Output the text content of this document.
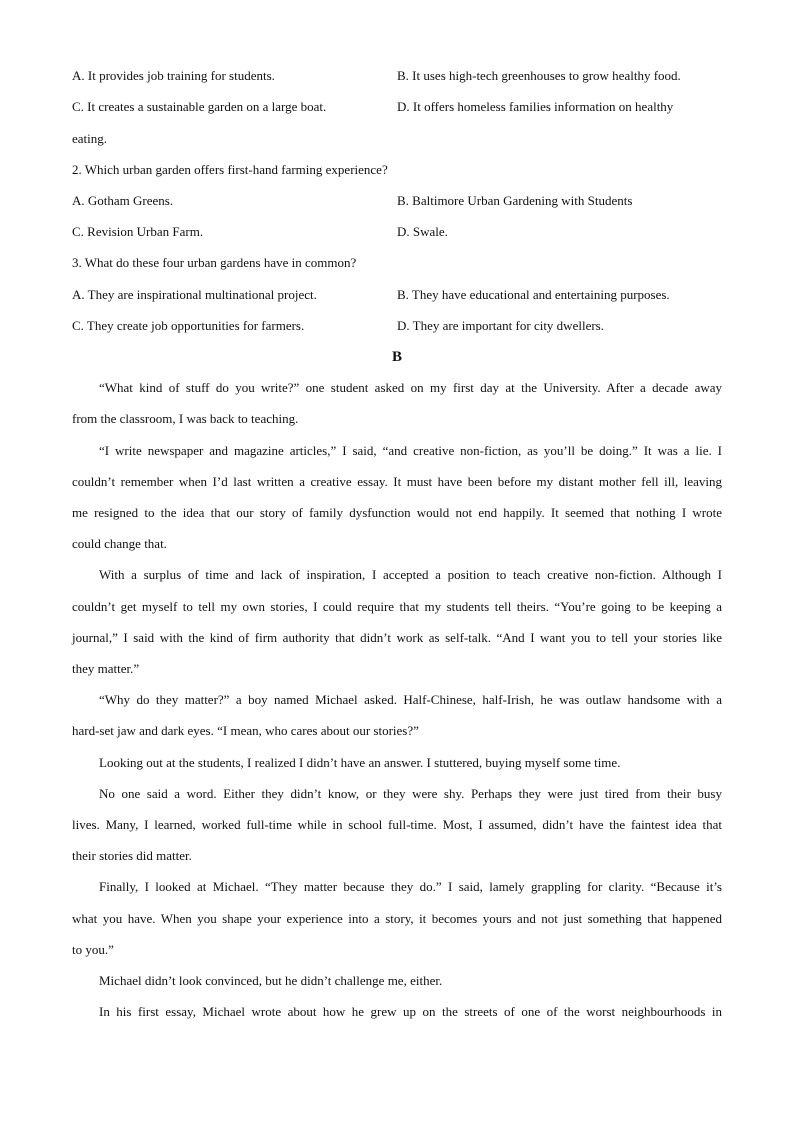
A. It provides job training for students.	B. It uses high-tech greenhouses to grow healthy food.
C. It creates a sustainable garden on a large boat.	D. It offers homeless families information on healthy
eating.
2. Which urban garden offers first-hand farming experience?
A. Gotham Greens.	B. Baltimore Urban Gardening with Students
C. Revision Urban Farm.	D. Swale.
3. What do these four urban gardens have in common?
A. They are inspirational multinational project.	B. They have educational and entertaining purposes.
C. They create job opportunities for farmers.	D. They are important for city dwellers.
B
“What kind of stuff do you write?” one student asked on my first day at the University. After a decade away
from the classroom, I was back to teaching.
“I write newspaper and magazine articles,” I said, “and creative non-fiction, as you’ll be doing.” It was a lie. I
couldn’t remember when I’d last written a creative essay. It must have been before my distant mother fell ill, leaving
me resigned to the idea that our story of family dysfunction would not end happily. It seemed that nothing I wrote
could change that.
With a surplus of time and lack of inspiration, I accepted a position to teach creative non-fiction. Although I
couldn’t get myself to tell my own stories, I could require that my students tell theirs. “You’re going to be keeping a
journal,” I said with the kind of firm authority that didn’t work as self-talk. “And I want you to tell your stories like
they matter.”
“Why do they matter?” a boy named Michael asked. Half-Chinese, half-Irish, he was outlaw handsome with a
hard-set jaw and dark eyes. “I mean, who cares about our stories?”
Looking out at the students, I realized I didn’t have an answer. I stuttered, buying myself some time.
No one said a word. Either they didn’t know, or they were shy. Perhaps they were just tired from their busy
lives. Many, I learned, worked full-time while in school full-time. Most, I assumed, didn’t have the faintest idea that
their stories did matter.
Finally, I looked at Michael. “They matter because they do.” I said, lamely grappling for clarity. “Because it’s
what you have. When you shape your experience into a story, it becomes yours and not just something that happened
to you.”
Michael didn’t look convinced, but he didn’t challenge me, either.
In his first essay, Michael wrote about how he grew up on the streets of one of the worst neighbourhoods in
